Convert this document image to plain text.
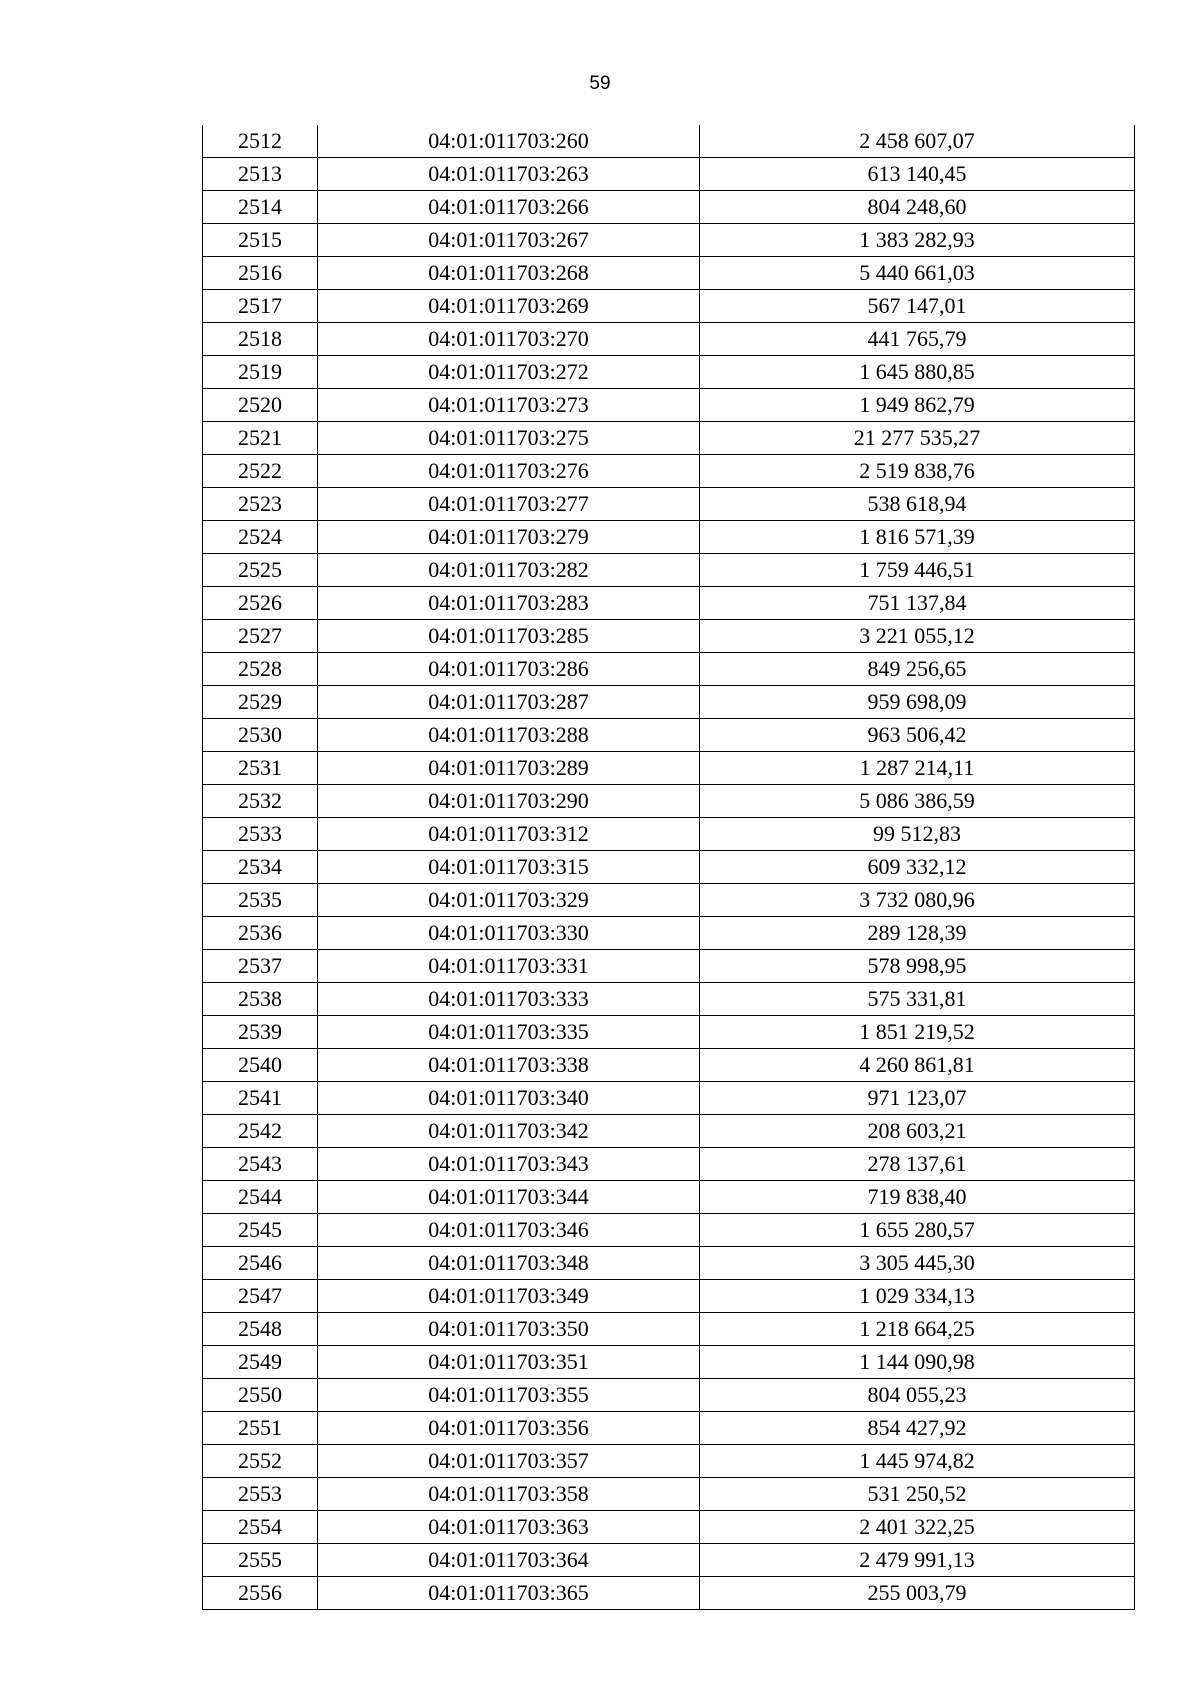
59
2512	04:01:011703:260	2 458 607,07
2513	04:01:011703:263	613 140,45
2514	04:01:011703:266	804 248,60
2515	04:01:011703:267	1 383 282,93
2516	04:01:011703:268	5 440 661,03
2517	04:01:011703:269	567 147,01
2518	04:01:011703:270	441 765,79
2519	04:01:011703:272	1 645 880,85
2520	04:01:011703:273	1 949 862,79
2521	04:01:011703:275	21 277 535,27
2522	04:01:011703:276	2 519 838,76
2523	04:01:011703:277	538 618,94
2524	04:01:011703:279	1 816 571,39
2525	04:01:011703:282	1 759 446,51
2526	04:01:011703:283	751 137,84
2527	04:01:011703:285	3 221 055,12
2528	04:01:011703:286	849 256,65
2529	04:01:011703:287	959 698,09
2530	04:01:011703:288	963 506,42
2531	04:01:011703:289	1 287 214,11
2532	04:01:011703:290	5 086 386,59
2533	04:01:011703:312	99 512,83
2534	04:01:011703:315	609 332,12
2535	04:01:011703:329	3 732 080,96
2536	04:01:011703:330	289 128,39
2537	04:01:011703:331	578 998,95
2538	04:01:011703:333	575 331,81
2539	04:01:011703:335	1 851 219,52
2540	04:01:011703:338	4 260 861,81
2541	04:01:011703:340	971 123,07
2542	04:01:011703:342	208 603,21
2543	04:01:011703:343	278 137,61
2544	04:01:011703:344	719 838,40
2545	04:01:011703:346	1 655 280,57
2546	04:01:011703:348	3 305 445,30
2547	04:01:011703:349	1 029 334,13
2548	04:01:011703:350	1 218 664,25
2549	04:01:011703:351	1 144 090,98
2550	04:01:011703:355	804 055,23
2551	04:01:011703:356	854 427,92
2552	04:01:011703:357	1 445 974,82
2553	04:01:011703:358	531 250,52
2554	04:01:011703:363	2 401 322,25
2555	04:01:011703:364	2 479 991,13
2556	04:01:011703:365	255 003,79
